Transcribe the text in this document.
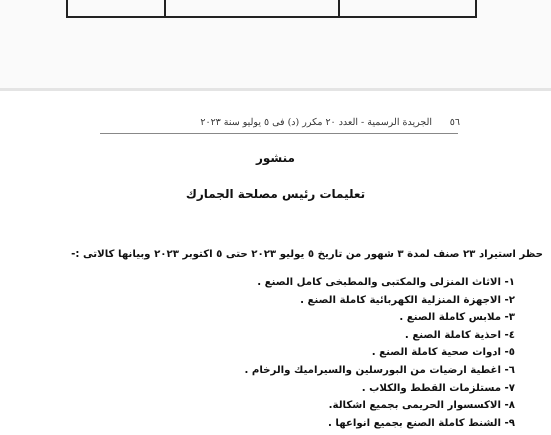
٥٦
الجريدة الرسمية - العدد ٢٠ مكرر (د) فى ٥ يوليو سنة ٢٠٢٣
منشور
تعليمات رئيس مصلحة الجمارك
حظر استيراد ٢٣ صنف لمدة ٣ شهور من تاريخ ٥ يوليو ٢٠٢٣ حتى ٥ اكتوبر ٢٠٢٣ وبيانها كالاتى :-
١- الاثاث المنزلى والمكتبى والمطبخى كامل الصنع .
٢- الاجهزة المنزلية الكهربائية كاملة الصنع .
٣- ملابس كاملة الصنع .
٤- احذية كاملة الصنع .
٥- ادوات صحية كاملة الصنع .
٦- اغطية ارضيات من البورسلين والسيراميك والرخام .
٧- مستلزمات القطط والكلاب .
٨- الاكسسوار الحريمى بجميع اشكالة.
٩- الشنط كاملة الصنع بجميع انواعها .
